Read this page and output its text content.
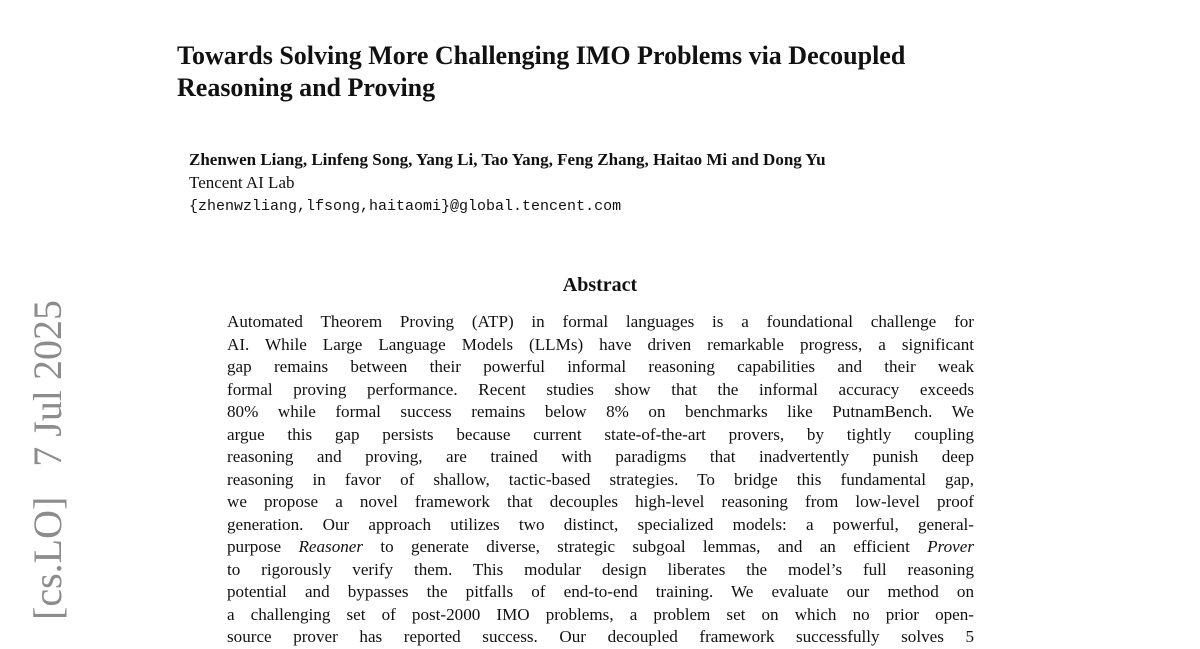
Towards Solving More Challenging IMO Problems via Decoupled
Reasoning and Proving
Zhenwen Liang, Linfeng Song, Yang Li, Tao Yang, Feng Zhang, Haitao Mi and Dong Yu
Tencent AI Lab
{zhenwzliang,lfsong,haitaomi}@global.tencent.com
Abstract
Automated Theorem Proving (ATP) in formal languages is a foundational challenge for
AI. While Large Language Models (LLMs) have driven remarkable progress, a significant
gap remains between their powerful informal reasoning capabilities and their weak
formal proving performance. Recent studies show that the informal accuracy exceeds
80% while formal success remains below 8% on benchmarks like PutnamBench. We
argue this gap persists because current state-of-the-art provers, by tightly coupling
reasoning and proving, are trained with paradigms that inadvertently punish deep
reasoning in favor of shallow, tactic-based strategies. To bridge this fundamental gap,
we propose a novel framework that decouples high-level reasoning from low-level proof
generation. Our approach utilizes two distinct, specialized models: a powerful, general-
purpose Reasoner to generate diverse, strategic subgoal lemmas, and an efficient Prover
to rigorously verify them. This modular design liberates the model’s full reasoning
potential and bypasses the pitfalls of end-to-end training. We evaluate our method on
a challenging set of post-2000 IMO problems, a problem set on which no prior open-
source prover has reported success. Our decoupled framework successfully solves 5
[cs.LO]   7 Jul 2025
